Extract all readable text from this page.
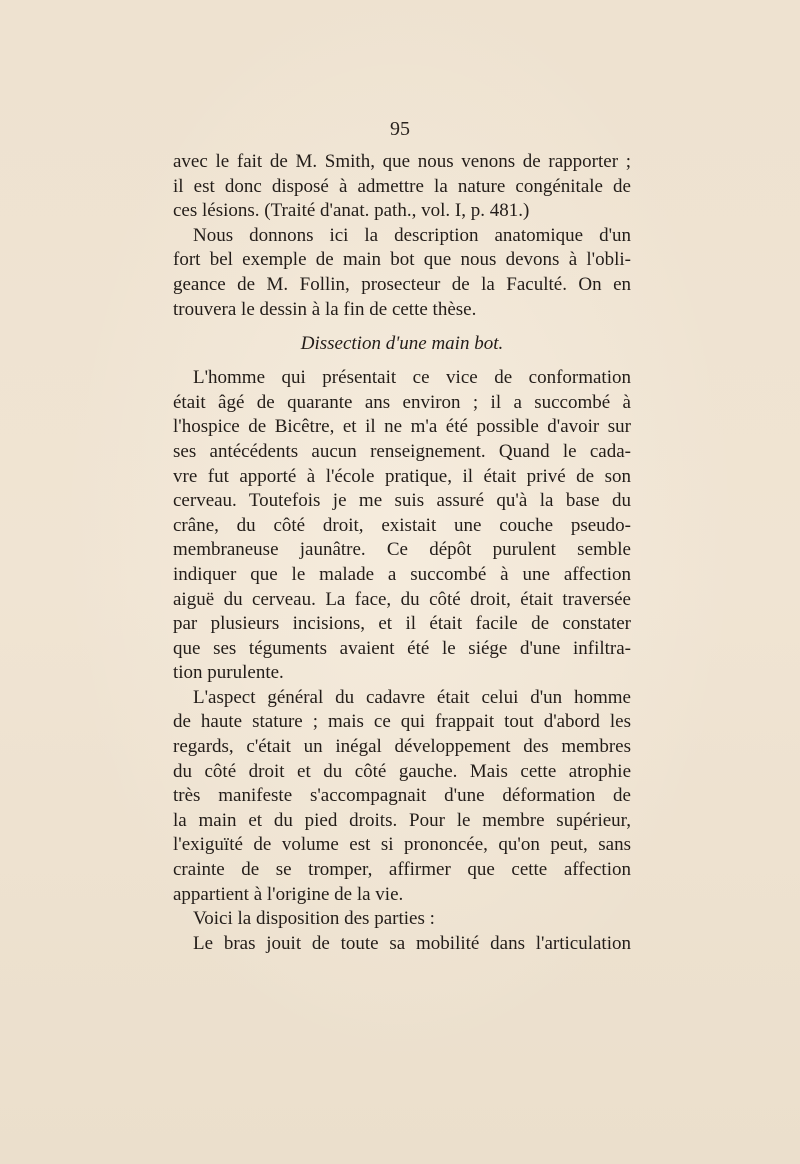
95
avec le fait de M. Smith, que nous venons de rapporter ;
il est donc disposé à admettre la nature congénitale de
ces lésions. (Traité d'anat. path., vol. I, p. 481.)
Nous donnons ici la description anatomique d'un
fort bel exemple de main bot que nous devons à l'obli-
geance de M. Follin, prosecteur de la Faculté. On en
trouvera le dessin à la fin de cette thèse.
Dissection d'une main bot.
L'homme qui présentait ce vice de conformation
était âgé de quarante ans environ ; il a succombé à
l'hospice de Bicêtre, et il ne m'a été possible d'avoir sur
ses antécédents aucun renseignement. Quand le cada-
vre fut apporté à l'école pratique, il était privé de son
cerveau. Toutefois je me suis assuré qu'à la base du
crâne, du côté droit, existait une couche pseudo-
membraneuse jaunâtre. Ce dépôt purulent semble
indiquer que le malade a succombé à une affection
aiguë du cerveau. La face, du côté droit, était traversée
par plusieurs incisions, et il était facile de constater
que ses téguments avaient été le siége d'une infiltra-
tion purulente.
L'aspect général du cadavre était celui d'un homme
de haute stature ; mais ce qui frappait tout d'abord les
regards, c'était un inégal développement des membres
du côté droit et du côté gauche. Mais cette atrophie
très manifeste s'accompagnait d'une déformation de
la main et du pied droits. Pour le membre supérieur,
l'exiguïté de volume est si prononcée, qu'on peut, sans
crainte de se tromper, affirmer que cette affection
appartient à l'origine de la vie.
Voici la disposition des parties :
Le bras jouit de toute sa mobilité dans l'articulation
